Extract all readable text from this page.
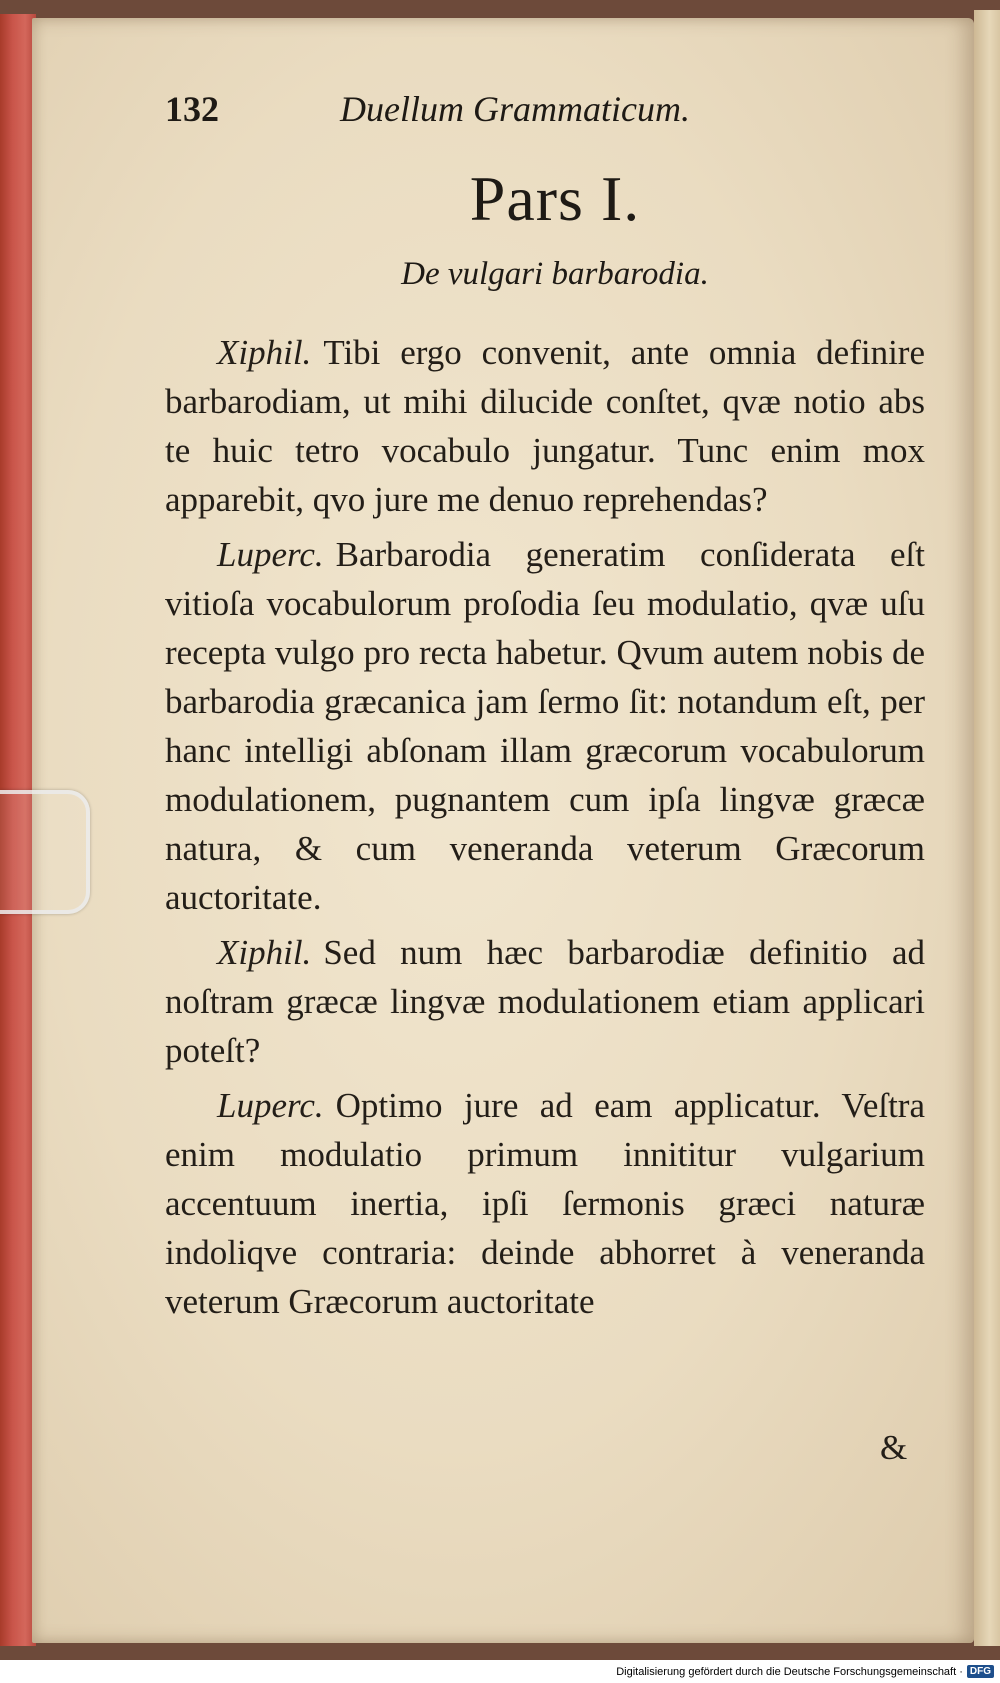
132	Duellum Grammaticum.
Pars I.
De vulgari barbarodia.

Xiphil. Tibi ergo convenit, ante omnia definire barbarodiam, ut mihi dilucide conſtet, qvæ notio abs te huic tetro vocabulo jungatur. Tunc enim mox apparebit, qvo jure me denuo reprehendas?

Luperc. Barbarodia generatim conſiderata eſt vitioſa vocabulorum proſodia ſeu modulatio, qvæ uſu recepta vulgo pro recta habetur. Qvum autem nobis de barbarodia græcanica jam ſermo ſit: notandum eſt, per hanc intelligi abſonam illam græcorum vocabulorum modulationem, pugnantem cum ipſa lingvæ græcæ natura, & cum veneranda veterum Græcorum auctoritate.

Xiphil. Sed num hæc barbarodiæ definitio ad noſtram græcæ lingvæ modulationem etiam applicari poteſt?

Luperc. Optimo jure ad eam applicatur. Veſtra enim modulatio primum innititur vulgarium accentuum inertia, ipſi ſermonis græci naturæ indoliqve contraria: deinde abhorret à veneranda veterum Græcorum auctoritate

&
Digitalisierung gefördert durch die Deutsche Forschungsgemeinschaft · DFG
